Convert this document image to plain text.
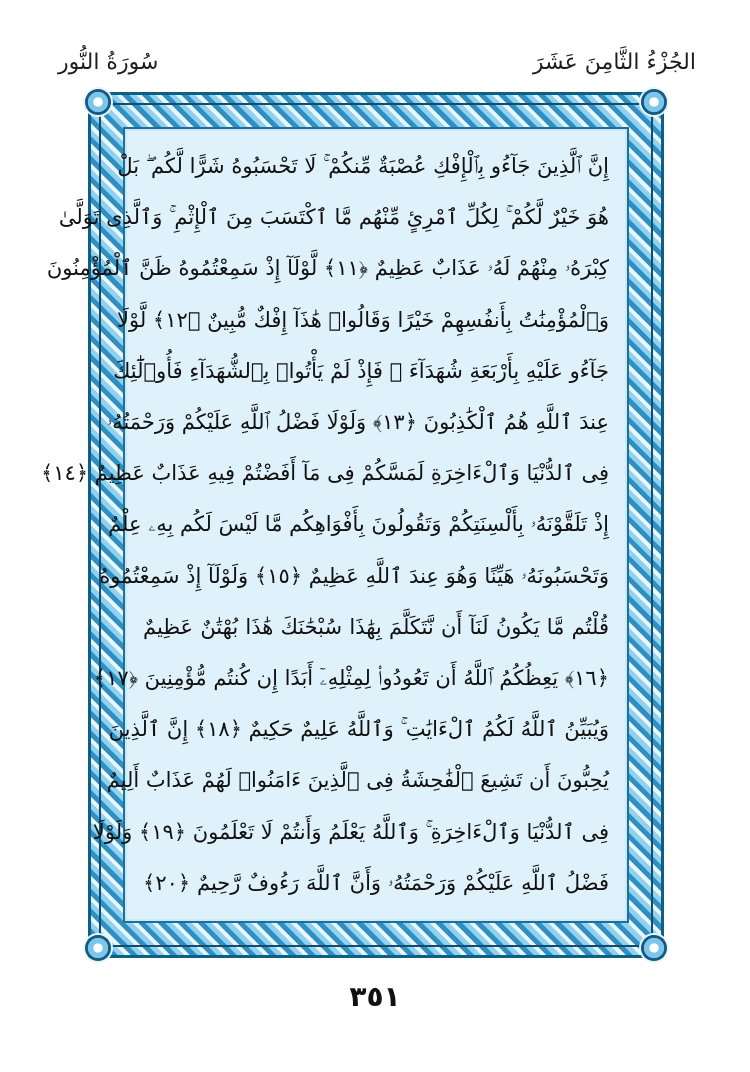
سُورَةُ النُّور	الجُزْءُ الثَّامِنَ عَشَرَ
إِنَّ ٱلَّذِينَ جَآءُو بِٱلْإِفْكِ عُصْبَةٌ مِّنكُمْ ۚ لَا تَحْسَبُوهُ شَرًّا لَّكُم ۖ بَلْ
هُوَ خَيْرٌ لَّكُمْ ۚ لِكُلِّ ٱمْرِئٍ مِّنْهُم مَّا ٱكْتَسَبَ مِنَ ٱلْإِثْمِ ۚ وَٱلَّذِى تَوَلَّىٰ
كِبْرَهُۥ مِنْهُمْ لَهُۥ عَذَابٌ عَظِيمٌ ﴿١١﴾ لَّوْلَآ إِذْ سَمِعْتُمُوهُ ظَنَّ ٱلْمُؤْمِنُونَ
وَٱلْمُؤْمِنَٰتُ بِأَنفُسِهِمْ خَيْرًا وَقَالُوا۟ هَٰذَآ إِفْكٌ مُّبِينٌ ﴿١٢﴾ لَّوْلَا
جَآءُو عَلَيْهِ بِأَرْبَعَةِ شُهَدَآءَ ۚ فَإِذْ لَمْ يَأْتُوا۟ بِٱلشُّهَدَآءِ فَأُو۟لَٰٓئِكَ
عِندَ ٱللَّهِ هُمُ ٱلْكَٰذِبُونَ ﴿١٣﴾ وَلَوْلَا فَضْلُ ٱللَّهِ عَلَيْكُمْ وَرَحْمَتُهُۥ
فِى ٱلدُّنْيَا وَٱلْءَاخِرَةِ لَمَسَّكُمْ فِى مَآ أَفَضْتُمْ فِيهِ عَذَابٌ عَظِيمٌ ﴿١٤﴾
إِذْ تَلَقَّوْنَهُۥ بِأَلْسِنَتِكُمْ وَتَقُولُونَ بِأَفْوَاهِكُم مَّا لَيْسَ لَكُم بِهِۦ عِلْمٌ
وَتَحْسَبُونَهُۥ هَيِّنًا وَهُوَ عِندَ ٱللَّهِ عَظِيمٌ ﴿١٥﴾ وَلَوْلَآ إِذْ سَمِعْتُمُوهُ
قُلْتُم مَّا يَكُونُ لَنَآ أَن نَّتَكَلَّمَ بِهَٰذَا سُبْحَٰنَكَ هَٰذَا بُهْتَٰنٌ عَظِيمٌ
﴿١٦﴾ يَعِظُكُمُ ٱللَّهُ أَن تَعُودُوا۟ لِمِثْلِهِۦٓ أَبَدًا إِن كُنتُم مُّؤْمِنِينَ ﴿١٧﴾
وَيُبَيِّنُ ٱللَّهُ لَكُمُ ٱلْءَايَٰتِ ۚ وَٱللَّهُ عَلِيمٌ حَكِيمٌ ﴿١٨﴾ إِنَّ ٱلَّذِينَ
يُحِبُّونَ أَن تَشِيعَ ٱلْفَٰحِشَةُ فِى ٱلَّذِينَ ءَامَنُوا۟ لَهُمْ عَذَابٌ أَلِيمٌ
فِى ٱلدُّنْيَا وَٱلْءَاخِرَةِ ۚ وَٱللَّهُ يَعْلَمُ وَأَنتُمْ لَا تَعْلَمُونَ ﴿١٩﴾ وَلَوْلَا
فَضْلُ ٱللَّهِ عَلَيْكُمْ وَرَحْمَتُهُۥ وَأَنَّ ٱللَّهَ رَءُوفٌ رَّحِيمٌ ﴿٢٠﴾
٣٥١
